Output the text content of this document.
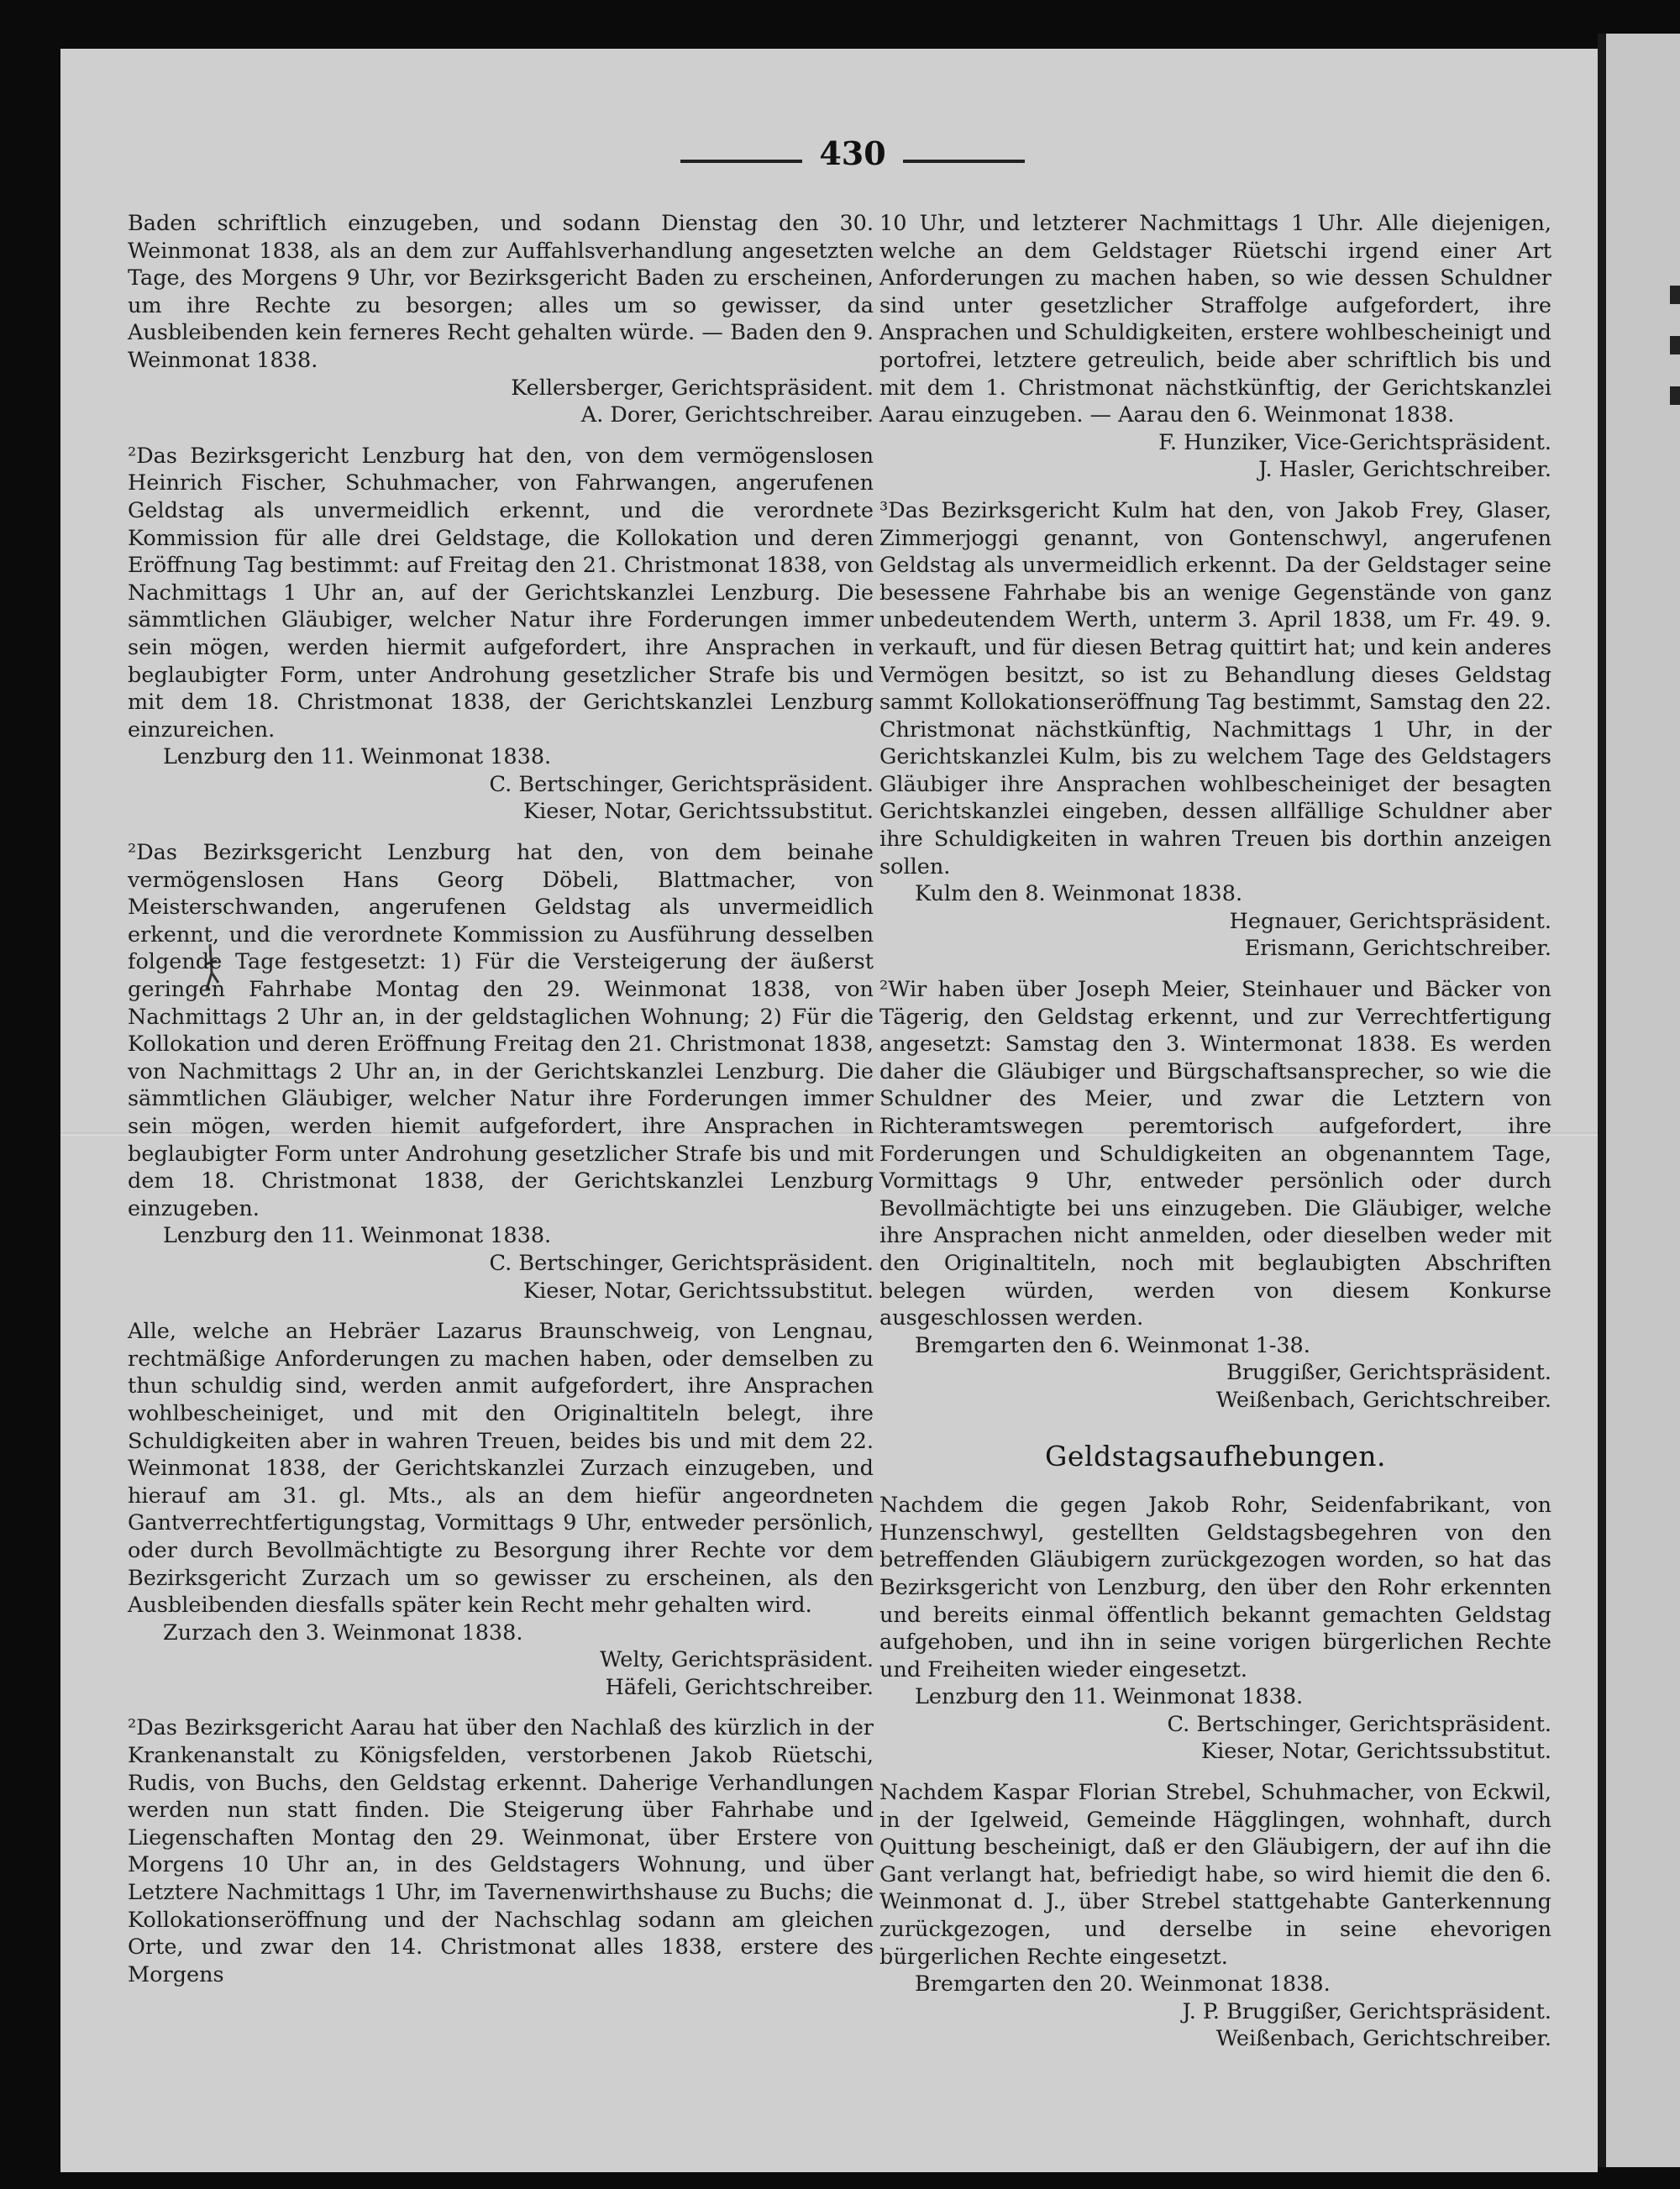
430

Baden schriftlich einzugeben, und sodann Dienstag den 30. Weinmonat 1838, als an dem zur Auffahlsverhandlung angesetzten Tage, des Morgens 9 Uhr, vor Bezirksgericht Baden zu erscheinen, um ihre Rechte zu besorgen; alles um so gewisser, da Ausbleibenden kein ferneres Recht gehalten würde. — Baden den 9. Weinmonat 1838.

Kellersberger, Gerichtspräsident.

A. Dorer, Gerichtschreiber.

²Das Bezirksgericht Lenzburg hat den, von dem vermögenslosen Heinrich Fischer, Schuhmacher, von Fahrwangen, angerufenen Geldstag als unvermeidlich erkennt, und die verordnete Kommission für alle drei Geldstage, die Kollokation und deren Eröffnung Tag bestimmt: auf Freitag den 21. Christmonat 1838, von Nachmittags 1 Uhr an, auf der Gerichtskanzlei Lenzburg. Die sämmtlichen Gläubiger, welcher Natur ihre Forderungen immer sein mögen, werden hiermit aufgefordert, ihre Ansprachen in beglaubigter Form, unter Androhung gesetzlicher Strafe bis und mit dem 18. Christmonat 1838, der Gerichtskanzlei Lenzburg einzureichen.

Lenzburg den 11. Weinmonat 1838.

C. Bertschinger, Gerichtspräsident.

Kieser, Notar, Gerichtssubstitut.

²Das Bezirksgericht Lenzburg hat den, von dem beinahe vermögenslosen Hans Georg Döbeli, Blattmacher, von Meisterschwanden, angerufenen Geldstag als unvermeidlich erkennt, und die verordnete Kommission zu Ausführung desselben folgende Tage festgesetzt: 1) Für die Versteigerung der äußerst geringen Fahrhabe Montag den 29. Weinmonat 1838, von Nachmittags 2 Uhr an, in der geldstaglichen Wohnung; 2) Für die Kollokation und deren Eröffnung Freitag den 21. Christmonat 1838, von Nachmittags 2 Uhr an, in der Gerichtskanzlei Lenzburg. Die sämmtlichen Gläubiger, welcher Natur ihre Forderungen immer sein mögen, werden hiemit aufgefordert, ihre Ansprachen in beglaubigter Form unter Androhung gesetzlicher Strafe bis und mit dem 18. Christmonat 1838, der Gerichtskanzlei Lenzburg einzugeben.

Lenzburg den 11. Weinmonat 1838.

C. Bertschinger, Gerichtspräsident.

Kieser, Notar, Gerichtssubstitut.

Alle, welche an Hebräer Lazarus Braunschweig, von Lengnau, rechtmäßige Anforderungen zu machen haben, oder demselben zu thun schuldig sind, werden anmit aufgefordert, ihre Ansprachen wohlbescheiniget, und mit den Originaltiteln belegt, ihre Schuldigkeiten aber in wahren Treuen, beides bis und mit dem 22. Weinmonat 1838, der Gerichtskanzlei Zurzach einzugeben, und hierauf am 31. gl. Mts., als an dem hiefür angeordneten Gantverrechtfertigungstag, Vormittags 9 Uhr, entweder persönlich, oder durch Bevollmächtigte zu Besorgung ihrer Rechte vor dem Bezirksgericht Zurzach um so gewisser zu erscheinen, als den Ausbleibenden diesfalls später kein Recht mehr gehalten wird.

Zurzach den 3. Weinmonat 1838.

Welty, Gerichtspräsident.

Häfeli, Gerichtschreiber.

²Das Bezirksgericht Aarau hat über den Nachlaß des kürzlich in der Krankenanstalt zu Königsfelden, verstorbenen Jakob Rüetschi, Rudis, von Buchs, den Geldstag erkennt. Daherige Verhandlungen werden nun statt finden. Die Steigerung über Fahrhabe und Liegenschaften Montag den 29. Weinmonat, über Erstere von Morgens 10 Uhr an, in des Geldstagers Wohnung, und über Letztere Nachmittags 1 Uhr, im Tavernenwirthshause zu Buchs; die Kollokationseröffnung und der Nachschlag sodann am gleichen Orte, und zwar den 14. Christmonat alles 1838, erstere des Morgens

10 Uhr, und letzterer Nachmittags 1 Uhr. Alle diejenigen, welche an dem Geldstager Rüetschi irgend einer Art Anforderungen zu machen haben, so wie dessen Schuldner sind unter gesetzlicher Straffolge aufgefordert, ihre Ansprachen und Schuldigkeiten, erstere wohlbescheinigt und portofrei, letztere getreulich, beide aber schriftlich bis und mit dem 1. Christmonat nächstkünftig, der Gerichtskanzlei Aarau einzugeben. — Aarau den 6. Weinmonat 1838.

F. Hunziker, Vice-Gerichtspräsident.

J. Hasler, Gerichtschreiber.

³Das Bezirksgericht Kulm hat den, von Jakob Frey, Glaser, Zimmerjoggi genannt, von Gontenschwyl, angerufenen Geldstag als unvermeidlich erkennt. Da der Geldstager seine besessene Fahrhabe bis an wenige Gegenstände von ganz unbedeutendem Werth, unterm 3. April 1838, um Fr. 49. 9. verkauft, und für diesen Betrag quittirt hat; und kein anderes Vermögen besitzt, so ist zu Behandlung dieses Geldstag sammt Kollokationseröffnung Tag bestimmt, Samstag den 22. Christmonat nächstkünftig, Nachmittags 1 Uhr, in der Gerichtskanzlei Kulm, bis zu welchem Tage des Geldstagers Gläubiger ihre Ansprachen wohlbescheiniget der besagten Gerichtskanzlei eingeben, dessen allfällige Schuldner aber ihre Schuldigkeiten in wahren Treuen bis dorthin anzeigen sollen.

Kulm den 8. Weinmonat 1838.

Hegnauer, Gerichtspräsident.

Erismann, Gerichtschreiber.

²Wir haben über Joseph Meier, Steinhauer und Bäcker von Tägerig, den Geldstag erkennt, und zur Verrechtfertigung angesetzt: Samstag den 3. Wintermonat 1838. Es werden daher die Gläubiger und Bürgschaftsansprecher, so wie die Schuldner des Meier, und zwar die Letztern von Richteramtswegen peremtorisch aufgefordert, ihre Forderungen und Schuldigkeiten an obgenanntem Tage, Vormittags 9 Uhr, entweder persönlich oder durch Bevollmächtigte bei uns einzugeben. Die Gläubiger, welche ihre Ansprachen nicht anmelden, oder dieselben weder mit den Originaltiteln, noch mit beglaubigten Abschriften belegen würden, werden von diesem Konkurse ausgeschlossen werden.

Bremgarten den 6. Weinmonat 1-38.

Bruggißer, Gerichtspräsident.

Weißenbach, Gerichtschreiber.

Geldstagsaufhebungen.

Nachdem die gegen Jakob Rohr, Seidenfabrikant, von Hunzenschwyl, gestellten Geldstagsbegehren von den betreffenden Gläubigern zurückgezogen worden, so hat das Bezirksgericht von Lenzburg, den über den Rohr erkennten und bereits einmal öffentlich bekannt gemachten Geldstag aufgehoben, und ihn in seine vorigen bürgerlichen Rechte und Freiheiten wieder eingesetzt.

Lenzburg den 11. Weinmonat 1838.

C. Bertschinger, Gerichtspräsident.

Kieser, Notar, Gerichtssubstitut.

Nachdem Kaspar Florian Strebel, Schuhmacher, von Eckwil, in der Igelweid, Gemeinde Hägglingen, wohnhaft, durch Quittung bescheinigt, daß er den Gläubigern, der auf ihn die Gant verlangt hat, befriedigt habe, so wird hiemit die den 6. Weinmonat d. J., über Strebel stattgehabte Ganterkennung zurückgezogen, und derselbe in seine ehevorigen bürgerlichen Rechte eingesetzt.

Bremgarten den 20. Weinmonat 1838.

J. P. Bruggißer, Gerichtspräsident.

Weißenbach, Gerichtschreiber.
